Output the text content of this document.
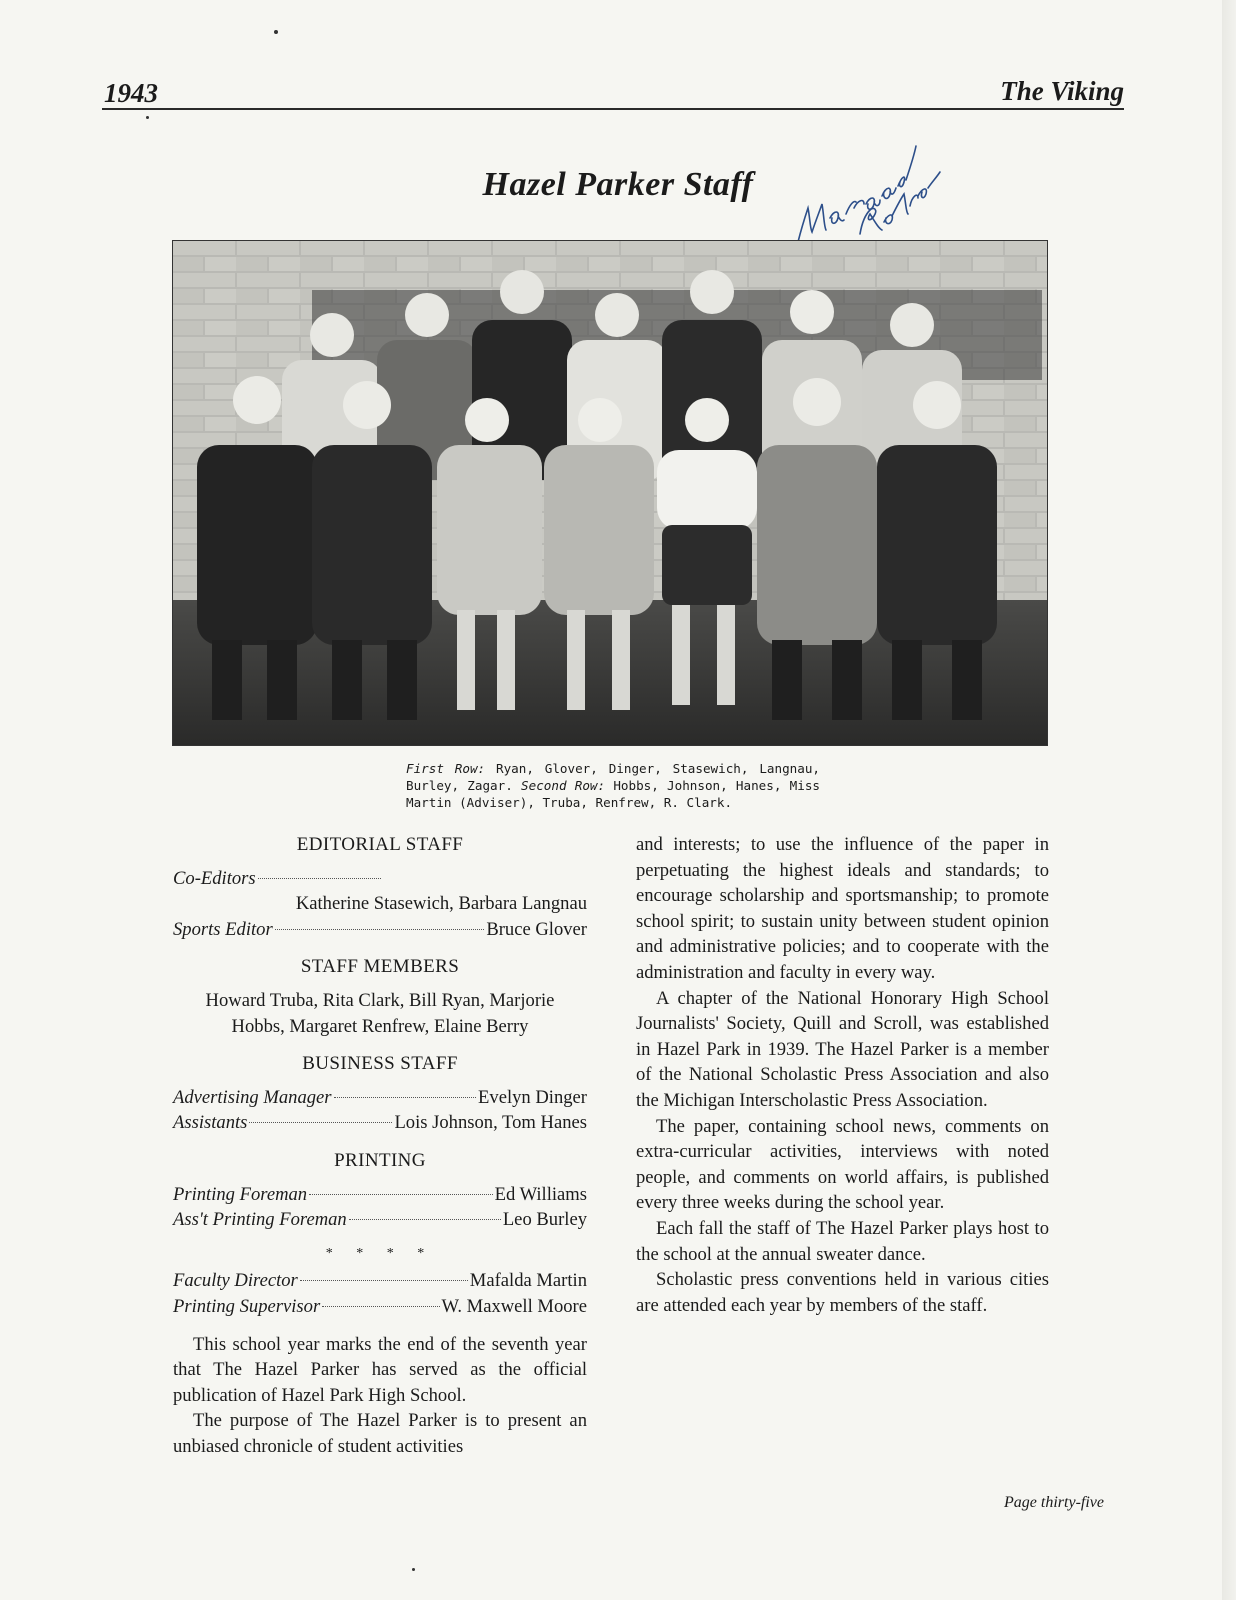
1943	The Viking
Hazel Parker Staff
First Row: Ryan, Glover, Dinger, Stasewich, Langnau, Burley, Zagar. Second Row: Hobbs, Johnson, Hanes, Miss Martin (Adviser), Truba, Renfrew, R. Clark.
EDITORIAL STAFF
Co-Editors
Katherine Stasewich, Barbara Langnau
Sports Editor	Bruce Glover
STAFF MEMBERS
Howard Truba, Rita Clark, Bill Ryan, Marjorie
Hobbs, Margaret Renfrew, Elaine Berry
BUSINESS STAFF
Advertising Manager	Evelyn Dinger
Assistants	Lois Johnson, Tom Hanes
PRINTING
Printing Foreman	Ed Williams
Ass't Printing Foreman	Leo Burley
* * * *
Faculty Director	Mafalda Martin
Printing Supervisor	W. Maxwell Moore

This school year marks the end of the seventh year that The Hazel Parker has served as the official publication of Hazel Park High School.

The purpose of The Hazel Parker is to present an unbiased chronicle of student activities

and interests; to use the influence of the paper in perpetuating the highest ideals and standards; to encourage scholarship and sportsmanship; to promote school spirit; to sustain unity between student opinion and administrative policies; and to cooperate with the administration and faculty in every way.

A chapter of the National Honorary High School Journalists' Society, Quill and Scroll, was established in Hazel Park in 1939. The Hazel Parker is a member of the National Scholastic Press Association and also the Michigan Interscholastic Press Association.

The paper, containing school news, comments on extra-curricular activities, interviews with noted people, and comments on world affairs, is published every three weeks during the school year.

Each fall the staff of The Hazel Parker plays host to the school at the annual sweater dance.

Scholastic press conventions held in various cities are attended each year by members of the staff.

Page thirty-five
